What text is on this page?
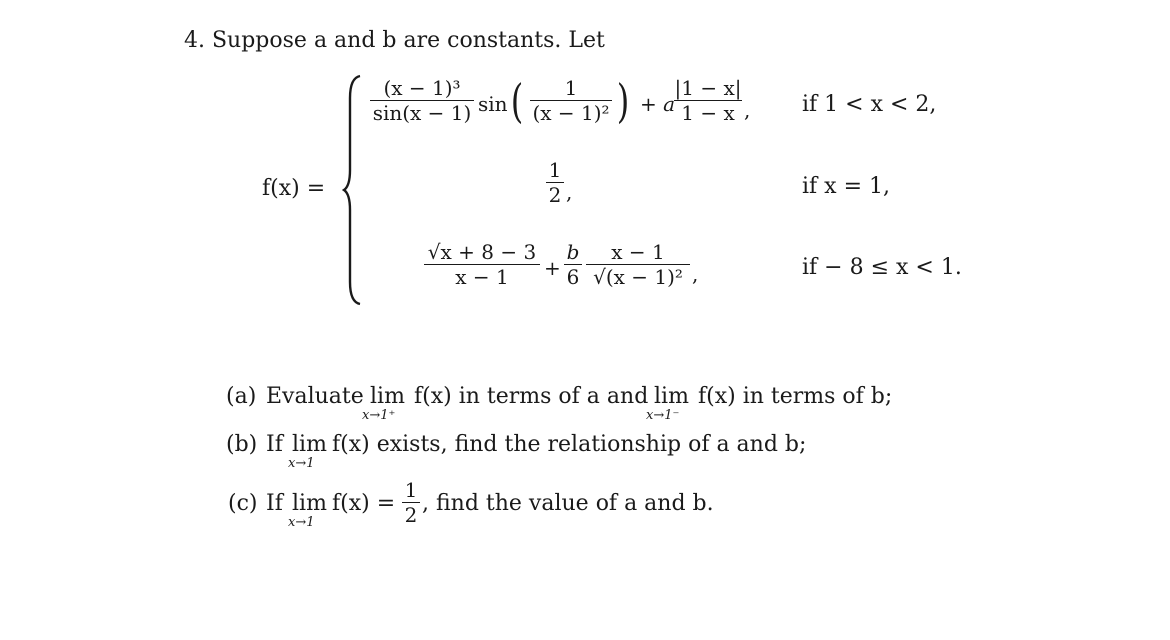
4. Suppose a and b are constants. Let
f(x) =
(x − 1)³
sin(x − 1) sin (	1
(x − 1)² ) + a
|1 − x|
1 − x , if 1 < x < 2,
1
2 ,	if x = 1,
√x + 8 − 3
x − 1	+
b
6
x − 1
√(x − 1)² ,	if − 8 ≤ x < 1.
(a) Evaluate lim
x→1⁺
f(x) in terms of a and lim
x→1⁻
f(x) in terms of b;
(b) If lim
x→1
f(x) exists, find the relationship of a and b;
(c) If lim
x→1
f(x) =
1
2 , find the value of a and b.
